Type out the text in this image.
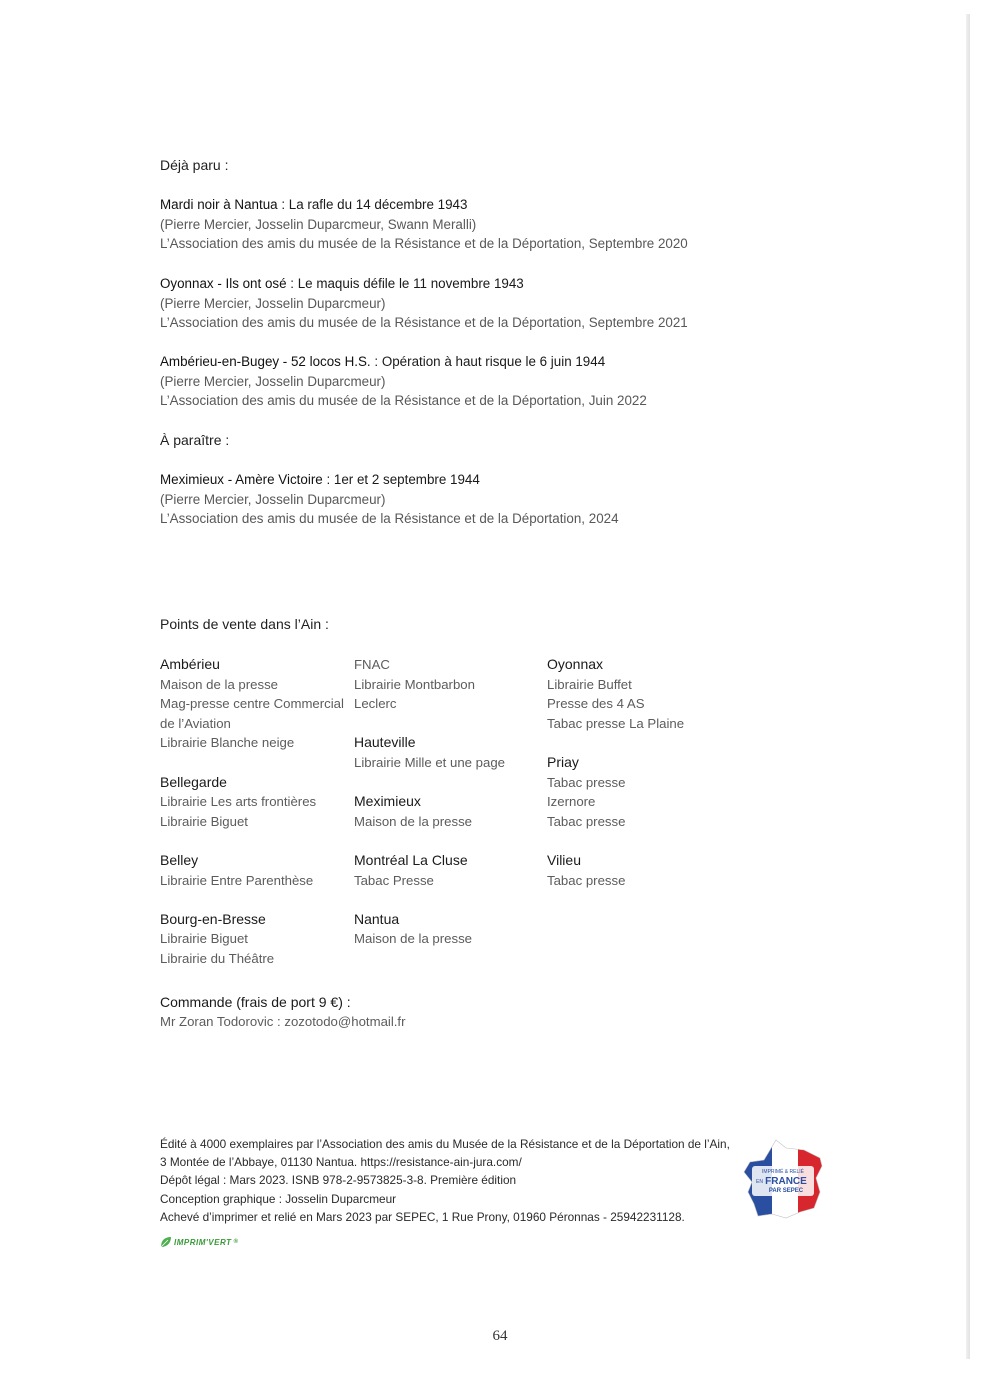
Déjà paru :
Mardi noir à Nantua : La rafle du 14 décembre 1943
(Pierre Mercier, Josselin Duparcmeur, Swann Meralli)
L’Association des amis du musée de la Résistance et de la Déportation, Septembre 2020
Oyonnax - Ils ont osé : Le maquis défile le 11 novembre 1943
(Pierre Mercier, Josselin Duparcmeur)
L’Association des amis du musée de la Résistance et de la Déportation, Septembre 2021
Ambérieu-en-Bugey - 52 locos H.S. : Opération à haut risque le 6 juin 1944
(Pierre Mercier, Josselin Duparcmeur)
L’Association des amis du musée de la Résistance et de la Déportation, Juin 2022
À paraître :
Meximieux - Amère Victoire : 1er et 2 septembre 1944
(Pierre Mercier, Josselin Duparcmeur)
L’Association des amis du musée de la Résistance et de la Déportation, 2024
Points de vente dans l’Ain :
Ambérieu
Maison de la presse
Mag-presse centre Commercial
de l’Aviation
Librairie Blanche neige
Bellegarde
Librairie Les arts frontières
Librairie Biguet
Belley
Librairie Entre Parenthèse
Bourg-en-Bresse
Librairie Biguet
Librairie du Théâtre
FNAC
Librairie Montbarbon
Leclerc
Hauteville
Librairie Mille et une page
Meximieux
Maison de la presse
Montréal La Cluse
Tabac Presse
Nantua
Maison de la presse
Oyonnax
Librairie Buffet
Presse des 4 AS
Tabac presse La Plaine
Priay
Tabac presse
Izernore
Tabac presse
Vilieu
Tabac presse
Commande (frais de port 9 €) :
Mr Zoran Todorovic : zozotodo@hotmail.fr
Édité à 4000 exemplaires par l’Association des amis du Musée de la Résistance et de la Déportation de l’Ain,
3 Montée de l’Abbaye, 01130 Nantua. https://resistance-ain-jura.com/
Dépôt légal : Mars 2023. ISNB 978-2-9573825-3-8. Première édition
Conception graphique : Josselin Duparcmeur
Achevé d’imprimer et relié en Mars 2023 par SEPEC, 1 Rue Prony, 01960 Péronnas - 25942231128.
IMPRIM'VERT ®
IMPRIMÉ & RELIÉ
EN FRANCE
PAR SEPEC
64
